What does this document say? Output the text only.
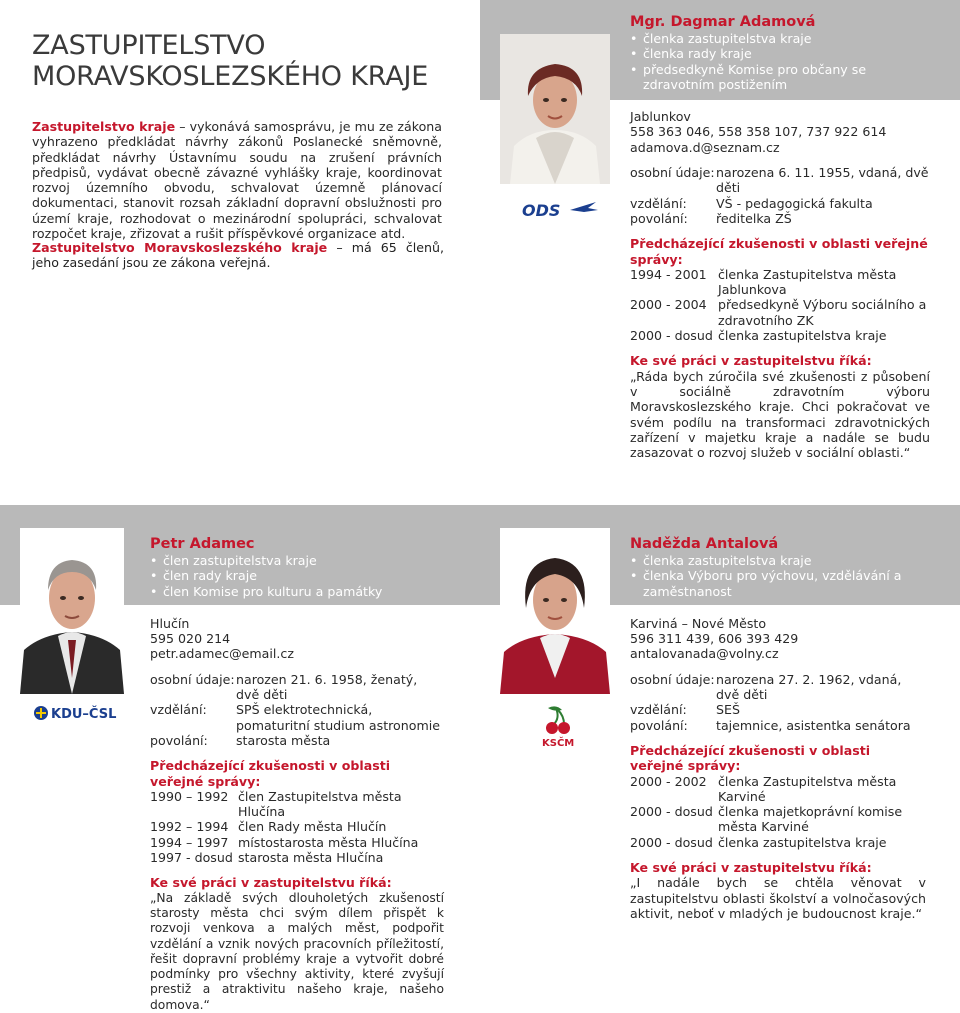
ZASTUPITELSTVO
MORAVSKOSLEZSKÉHO KRAJE
Zastupitelstvo kraje – vykonává samosprávu, je mu ze zákona vyhrazeno předkládat návrhy zákonů Poslanecké sněmovně, předkládat návrhy Ústavnímu soudu na zrušení právních předpisů, vydávat obecně závazné vyhlášky kraje, koordinovat rozvoj územního obvodu, schvalovat územně plánovací dokumentaci, stanovit rozsah základní dopravní obslužnosti pro území kraje, rozhodovat o mezinárodní spolupráci, schvalovat rozpočet kraje, zřizovat a rušit příspěvkové organizace atd.
Zastupitelstvo Moravskoslezského kraje – má 65 členů, jeho zasedání jsou ze zákona veřejná.
ODS
Mgr. Dagmar Adamová
• členka zastupitelstva kraje
• členka rady kraje
• předsedkyně Komise pro občany se zdravotním postižením
Jablunkov
558 363 046, 558 358 107, 737 922 614
adamova.d@seznam.cz
osobní údaje: narozena 6. 11. 1955, vdaná, dvě děti
vzdělání:	VŠ - pedagogická fakulta
povolání:	ředitelka ZŠ
Předcházející zkušenosti v oblasti veřejné správy:
1994 - 2001 členka Zastupitelstva města Jablunkova
2000 - 2004 předsedkyně Výboru sociálního a zdravotního ZK
2000 - dosud členka zastupitelstva kraje
Ke své práci v zastupitelstvu říká:
„Ráda bych zúročila své zkušenosti z působení v sociálně zdravotním výboru Moravskoslezského kraje. Chci pokračovat ve svém podílu na transformaci zdravotnických zařízení v majetku kraje a nadále se budu zasazovat o rozvoj služeb v sociální oblasti.“
KDU–ČSL
Petr Adamec
• člen zastupitelstva kraje
• člen rady kraje
• člen Komise pro kulturu a památky
Hlučín
595 020 214
petr.adamec@email.cz
osobní údaje: narozen 21. 6. 1958, ženatý, dvě děti
vzdělání:	SPŠ elektrotechnická, pomaturitní studium astronomie
povolání:	starosta města
Předcházející zkušenosti v oblasti veřejné správy:
1990 – 1992 člen Zastupitelstva města Hlučína
1992 – 1994 člen Rady města Hlučín
1994 – 1997 místostarosta města Hlučína
1997 - dosud starosta města Hlučína
Ke své práci v zastupitelstvu říká:
„Na základě svých dlouholetých zkušeností starosty města chci svým dílem přispět k rozvoji venkova a malých měst, podpořit vzdělání a vznik nových pracovních příležitostí, řešit dopravní problémy kraje a vytvořit dobré podmínky pro všechny aktivity, které zvyšují prestiž a atraktivitu našeho kraje, našeho domova.“
KSČM
Naděžda Antalová
• členka zastupitelstva kraje
• členka Výboru pro výchovu, vzdělávání a zaměstnanost
Karviná – Nové Město
596 311 439, 606 393 429
antalovanada@volny.cz
osobní údaje: narozena 27. 2. 1962, vdaná, dvě děti
vzdělání:	SEŠ
povolání:	tajemnice, asistentka senátora
Předcházející zkušenosti v oblasti veřejné správy:
2000 - 2002 členka Zastupitelstva města Karviné
2000 - dosud členka majetkoprávní komise města Karviné
2000 - dosud členka zastupitelstva kraje
Ke své práci v zastupitelstvu říká:
„I nadále bych se chtěla věnovat v zastupitelstvu oblasti školství a volnočasových aktivit, neboť v mladých je budoucnost kraje.“
